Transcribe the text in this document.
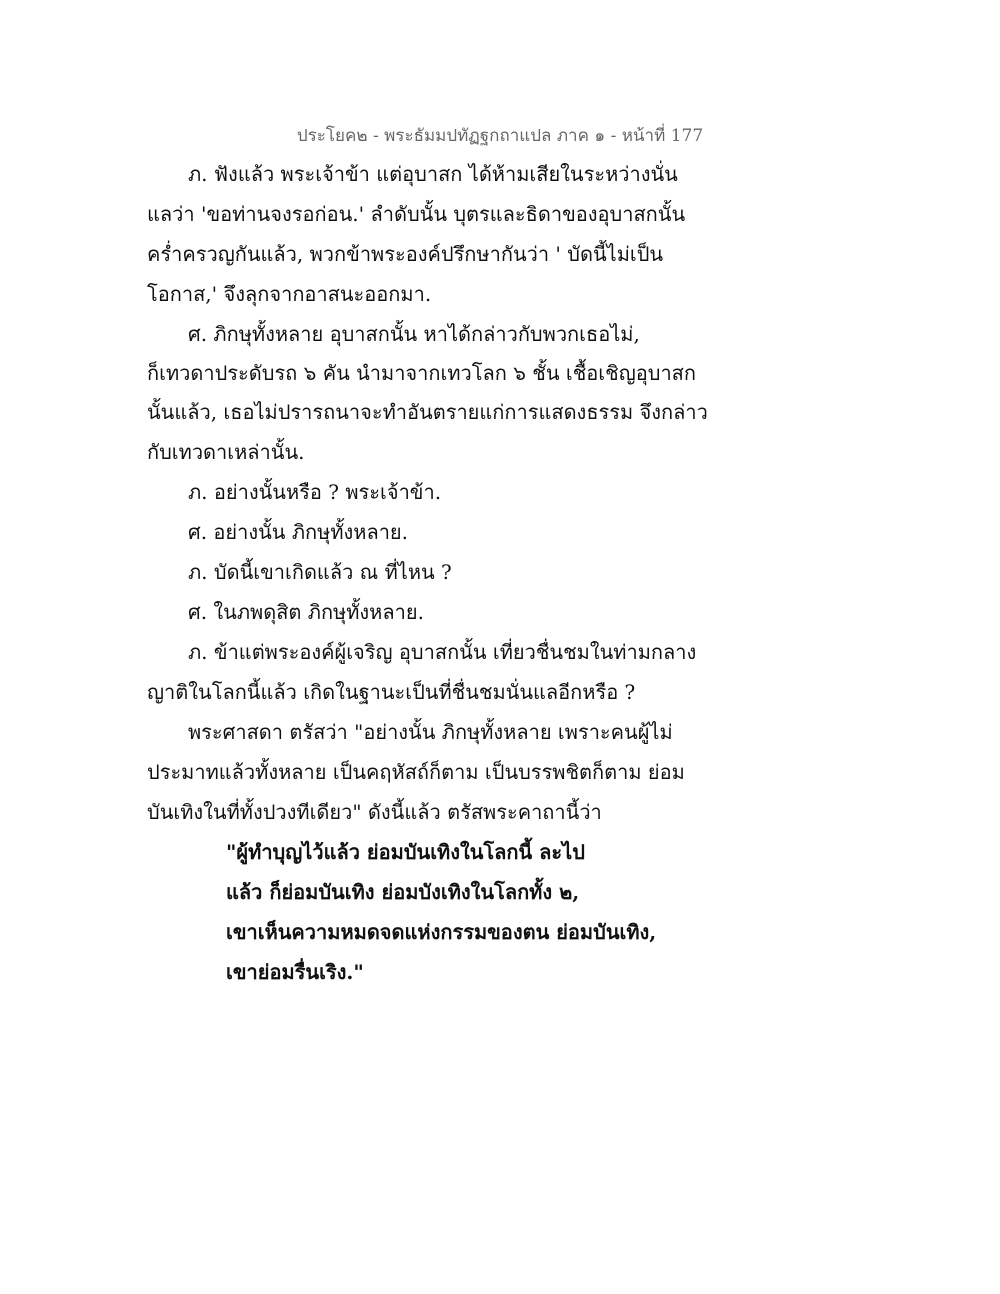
ประโยค๒ - พระธัมมปทัฏฐกถาแปล ภาค ๑ - หน้าที่ 177
ภ. ฟังแล้ว พระเจ้าข้า แต่อุบาสก ได้ห้ามเสียในระหว่างนั่น
แลว่า 'ขอท่านจงรอก่อน.' ลำดับนั้น บุตรและธิดาของอุบาสกนั้น
คร่ำครวญกันแล้ว, พวกข้าพระองค์ปรึกษากันว่า ' บัดนี้ไม่เป็น
โอกาส,' จึงลุกจากอาสนะออกมา.
ศ. ภิกษุทั้งหลาย อุบาสกนั้น หาได้กล่าวกับพวกเธอไม่,
ก็เทวดาประดับรถ ๖ คัน นำมาจากเทวโลก ๖ ชั้น เชื้อเชิญอุบาสก
นั้นแล้ว, เธอไม่ปรารถนาจะทำอันตรายแก่การแสดงธรรม จึงกล่าว
กับเทวดาเหล่านั้น.
ภ. อย่างนั้นหรือ ? พระเจ้าข้า.
ศ. อย่างนั้น ภิกษุทั้งหลาย.
ภ. บัดนี้เขาเกิดแล้ว ณ ที่ไหน ?
ศ. ในภพดุสิต ภิกษุทั้งหลาย.
ภ. ข้าแต่พระองค์ผู้เจริญ อุบาสกนั้น เที่ยวชื่นชมในท่ามกลาง
ญาติในโลกนี้แล้ว เกิดในฐานะเป็นที่ชื่นชมนั่นแลอีกหรือ ?
พระศาสดา ตรัสว่า "อย่างนั้น ภิกษุทั้งหลาย เพราะคนผู้ไม่
ประมาทแล้วทั้งหลาย เป็นคฤหัสถ์ก็ตาม เป็นบรรพชิตก็ตาม ย่อม
บันเทิงในที่ทั้งปวงทีเดียว" ดังนี้แล้ว ตรัสพระคาถานี้ว่า
"ผู้ทำบุญไว้แล้ว ย่อมบันเทิงในโลกนี้ ละไป
แล้ว ก็ย่อมบันเทิง ย่อมบังเทิงในโลกทั้ง ๒,
เขาเห็นความหมดจดแห่งกรรมของตน ย่อมบันเทิง,
เขาย่อมรื่นเริง."
